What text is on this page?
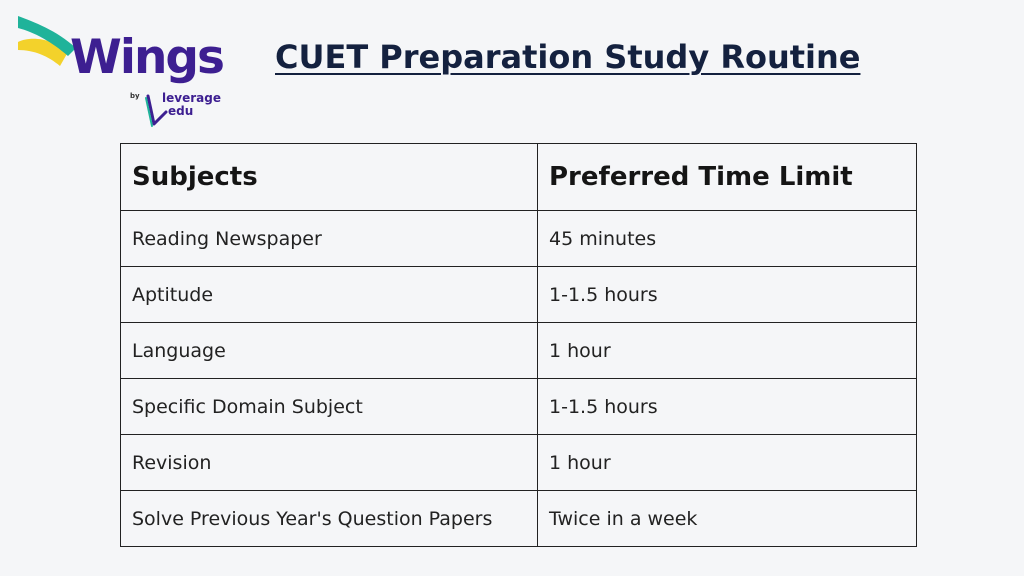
Wings
by leverage
edu
CUET Preparation Study Routine
Subjects	Preferred Time Limit
Reading Newspaper	45 minutes
Aptitude	1-1.5 hours
Language	1 hour
Specific Domain Subject	1-1.5 hours
Revision	1 hour
Solve Previous Year's Question Papers	Twice in a week
